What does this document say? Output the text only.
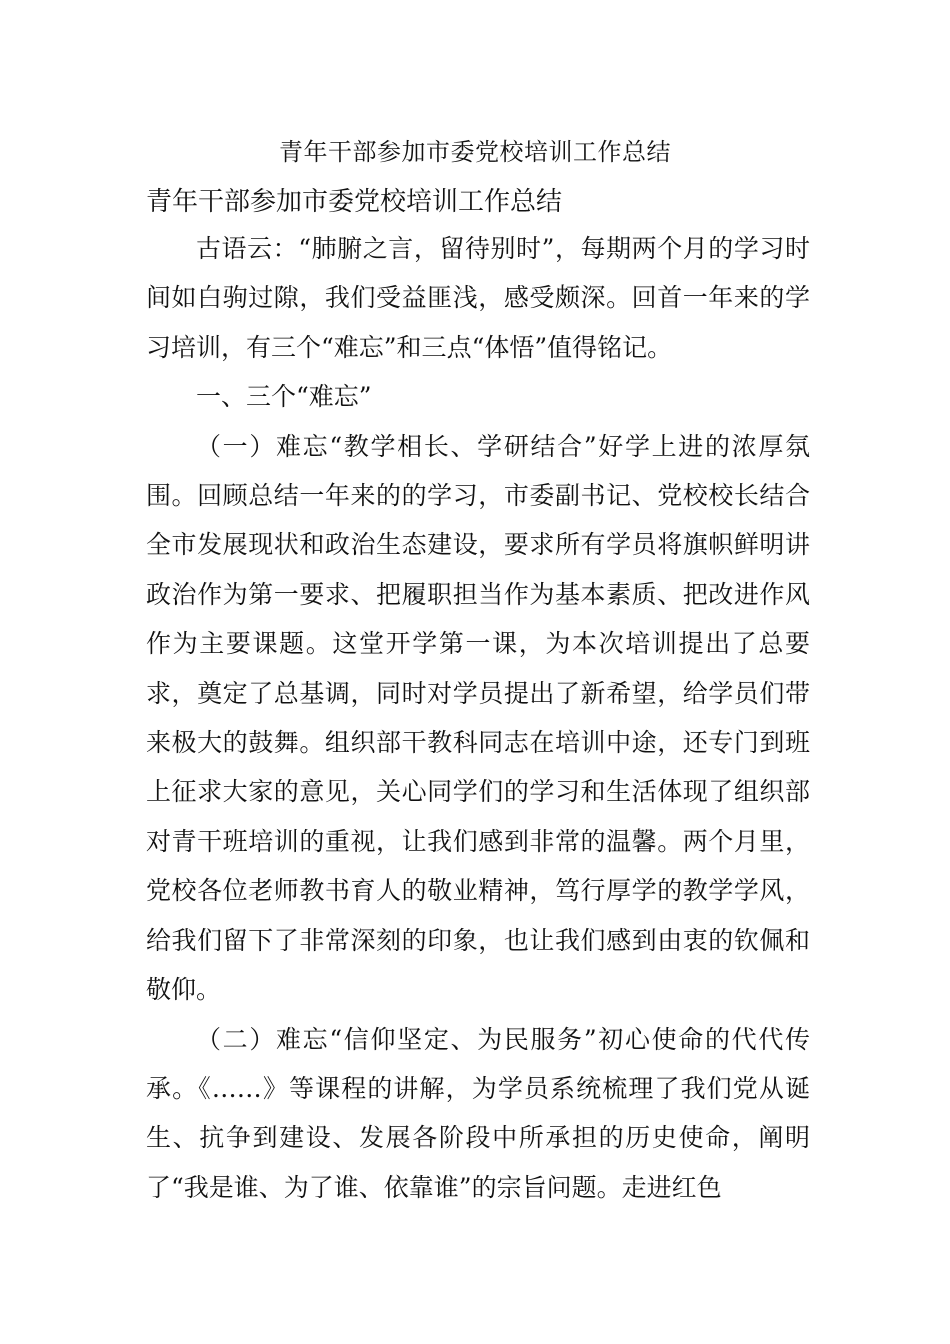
青年干部参加市委党校培训工作总结
青年干部参加市委党校培训工作总结

古语云：“肺腑之言，留待别时”，每期两个月的学习时间如白驹过隙，我们受益匪浅，感受颇深。回首一年来的学习培训，有三个“难忘”和三点“体悟”值得铭记。

一、三个“难忘”

（一）难忘“教学相长、学研结合”好学上进的浓厚氛围。回顾总结一年来的的学习，市委副书记、党校校长结合全市发展现状和政治生态建设，要求所有学员将旗帜鲜明讲政治作为第一要求、把履职担当作为基本素质、把改进作风作为主要课题。这堂开学第一课，为本次培训提出了总要求，奠定了总基调，同时对学员提出了新希望，给学员们带来极大的鼓舞。组织部干教科同志在培训中途，还专门到班上征求大家的意见，关心同学们的学习和生活体现了组织部对青干班培训的重视，让我们感到非常的温馨。两个月里，党校各位老师教书育人的敬业精神，笃行厚学的教学学风，给我们留下了非常深刻的印象，也让我们感到由衷的钦佩和敬仰。

（二）难忘“信仰坚定、为民服务”初心使命的代代传承。《……》等课程的讲解，为学员系统梳理了我们党从诞生、抗争到建设、发展各阶段中所承担的历史使命，阐明了“我是谁、为了谁、依靠谁”的宗旨问题。走进红色
